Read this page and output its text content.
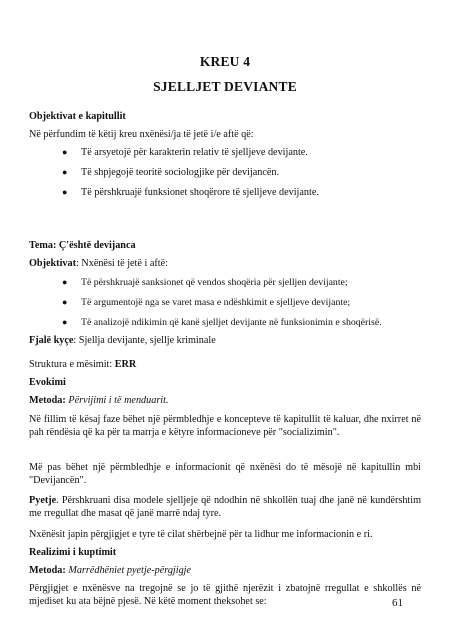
KREU 4
SJELLJET DEVIANTE
Objektivat e kapitullit
Në përfundim të këtij kreu nxënësi/ja të jetë i/e aftë që:
● Të arsyetojë për karakterin relativ të sjelljeve devijante.
● Të shpjegojë teoritë sociologjike për devijancën.
● Të përshkruajë funksionet shoqërore të sjelljeve devijante.
Tema: Ç'është devijanca
Objektivat: Nxënësi të jetë i aftë:
● Të përshkruajë sanksionet që vendos shoqëria për sjelljen devijante;
● Të argumentojë nga se varet masa e ndëshkimit e sjelljeve devijante;
● Të analizojë ndikimin që kanë sjelljet devijante në funksionimin e shoqërisë.
Fjalë kyçe: Sjellja devijante, sjellje kriminale
Struktura e mësimit: ERR
Evokimi
Metoda: Përvijimi i të menduarit.
Në fillim të kësaj faze bëhet një përmbledhje e koncepteve të kapitullit të kaluar, dhe nxirret në pah rëndësia që ka për ta marrja e këtyre informacioneve për "socializimin".
Më pas bëhet një përmbledhje e informacionit që nxënësi do të mësojë në kapitullin mbi "Devijancën".
Pyetje. Përshkruani disa modele sjelljeje që ndodhin në shkollën tuaj dhe janë në kundërshtim me rregullat dhe masat që janë marrë ndaj tyre.
Nxënësit japin përgjigjet e tyre të cilat shërbejnë për ta lidhur me informacionin e ri.
Realizimi i kuptimit
Metoda: Marrëdhëniet pyetje-përgjigje
Përgjigjet e nxënësve na tregojnë se jo të gjithë njerëzit i zbatojnë rregullat e shkollës në mjediset ku ata bëjnë pjesë. Në këtë moment theksohet se:	61
